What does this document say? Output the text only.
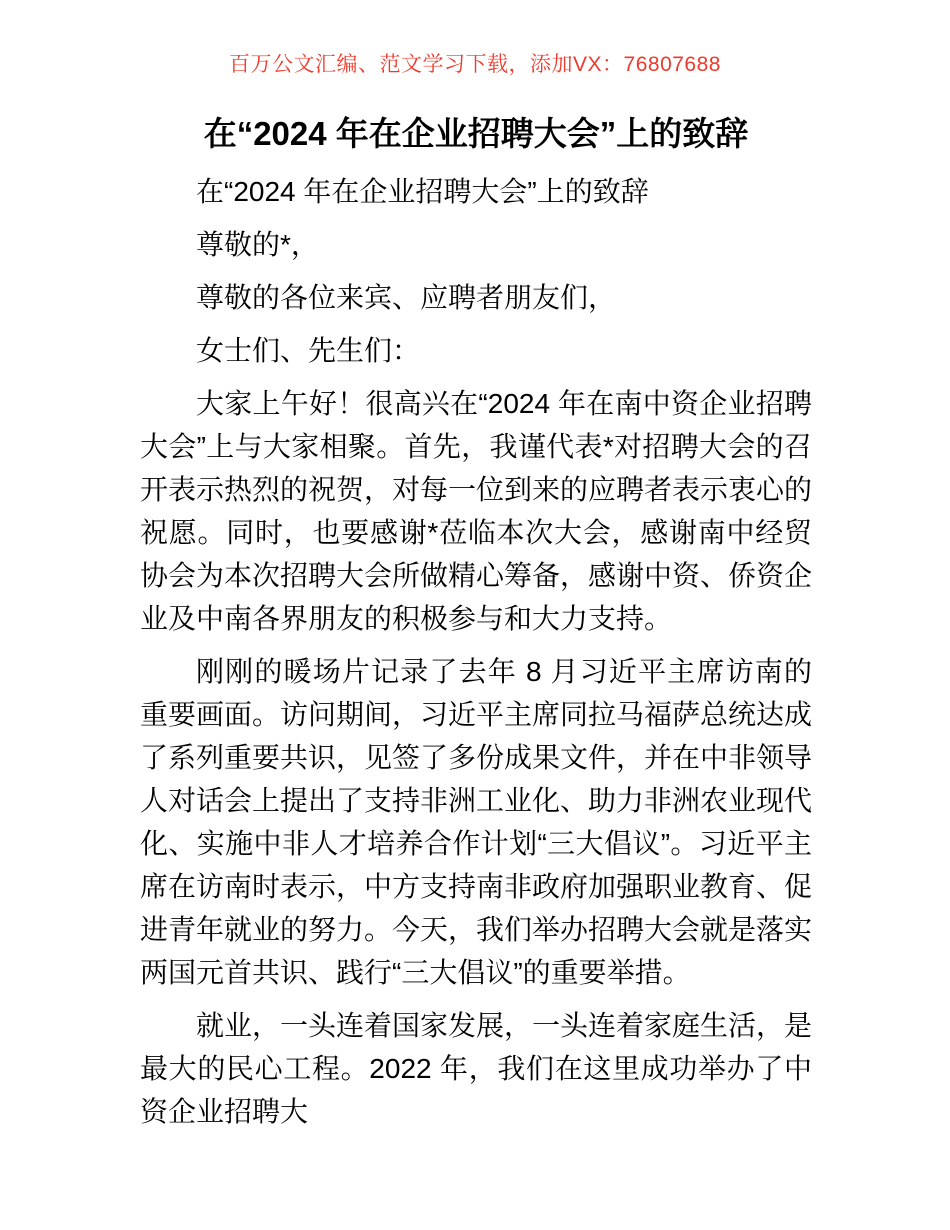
百万公文汇编、范文学习下载，添加VX：76807688
在“2024 年在企业招聘大会”上的致辞

在“2024 年在企业招聘大会”上的致辞

尊敬的*，

尊敬的各位来宾、应聘者朋友们，

女士们、先生们：

大家上午好！很高兴在“2024 年在南中资企业招聘大会”上与大家相聚。首先，我谨代表*对招聘大会的召开表示热烈的祝贺，对每一位到来的应聘者表示衷心的祝愿。同时，也要感谢*莅临本次大会，感谢南中经贸协会为本次招聘大会所做精心筹备，感谢中资、侨资企业及中南各界朋友的积极参与和大力支持。

刚刚的暖场片记录了去年 8 月习近平主席访南的重要画面。访问期间，习近平主席同拉马福萨总统达成了系列重要共识，见签了多份成果文件，并在中非领导人对话会上提出了支持非洲工业化、助力非洲农业现代化、实施中非人才培养合作计划“三大倡议”。习近平主席在访南时表示，中方支持南非政府加强职业教育、促进青年就业的努力。今天，我们举办招聘大会就是落实两国元首共识、践行“三大倡议”的重要举措。

就业，一头连着国家发展，一头连着家庭生活，是最大的民心工程。2022 年，我们在这里成功举办了中资企业招聘大
